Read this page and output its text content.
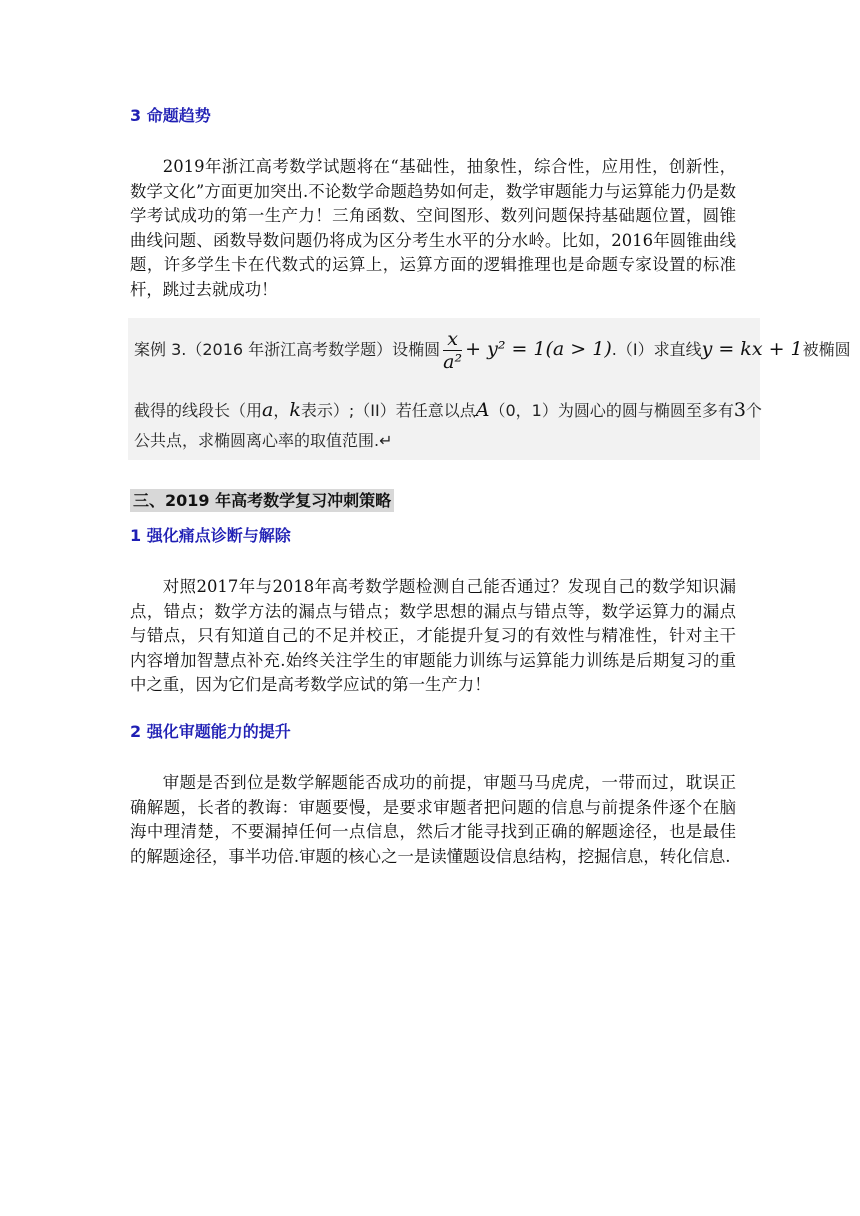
3 命题趋势
2019年浙江高考数学试题将在“基础性，抽象性，综合性，应用性，创新性，数学文化”方面更加突出.不论数学命题趋势如何走，数学审题能力与运算能力仍是数学考试成功的第一生产力！三角函数、空间图形、数列问题保持基础题位置，圆锥曲线问题、函数导数问题仍将成为区分考生水平的分水岭。比如，2016年圆锥曲线题，许多学生卡在代数式的运算上，运算方面的逻辑推理也是命题专家设置的标准杆，跳过去就成功！
案例 3.（2016 年浙江高考数学题）设椭圆 $\frac{x}{\text{a²}} + y^2 = 1(a > 1).(I)$求直线y = kx + 1被椭圆
截得的线段长（用a，k表示）;（II）若任意以点A（0，1）为圆心的圆与椭圆至多有3个
公共点，求椭圆离心率的取值范围.↵
三、2019 年高考数学复习冲刺策略
1 强化痛点诊断与解除
对照2017年与2018年高考数学题检测自己能否通过？发现自己的数学知识漏点，错点；数学方法的漏点与错点；数学思想的漏点与错点等，数学运算力的漏点与错点，只有知道自己的不足并校正，才能提升复习的有效性与精准性，针对主干内容增加智慧点补充.始终关注学生的审题能力训练与运算能力训练是后期复习的重中之重，因为它们是高考数学应试的第一生产力！
2 强化审题能力的提升
审题是否到位是数学解题能否成功的前提，审题马马虎虎，一带而过，耽误正确解题，长者的教诲：审题要慢，是要求审题者把问题的信息与前提条件逐个在脑海中理清楚，不要漏掉任何一点信息，然后才能寻找到正确的解题途径，也是最佳的解题途径，事半功倍.审题的核心之一是读懂题设信息结构，挖掘信息，转化信息.
